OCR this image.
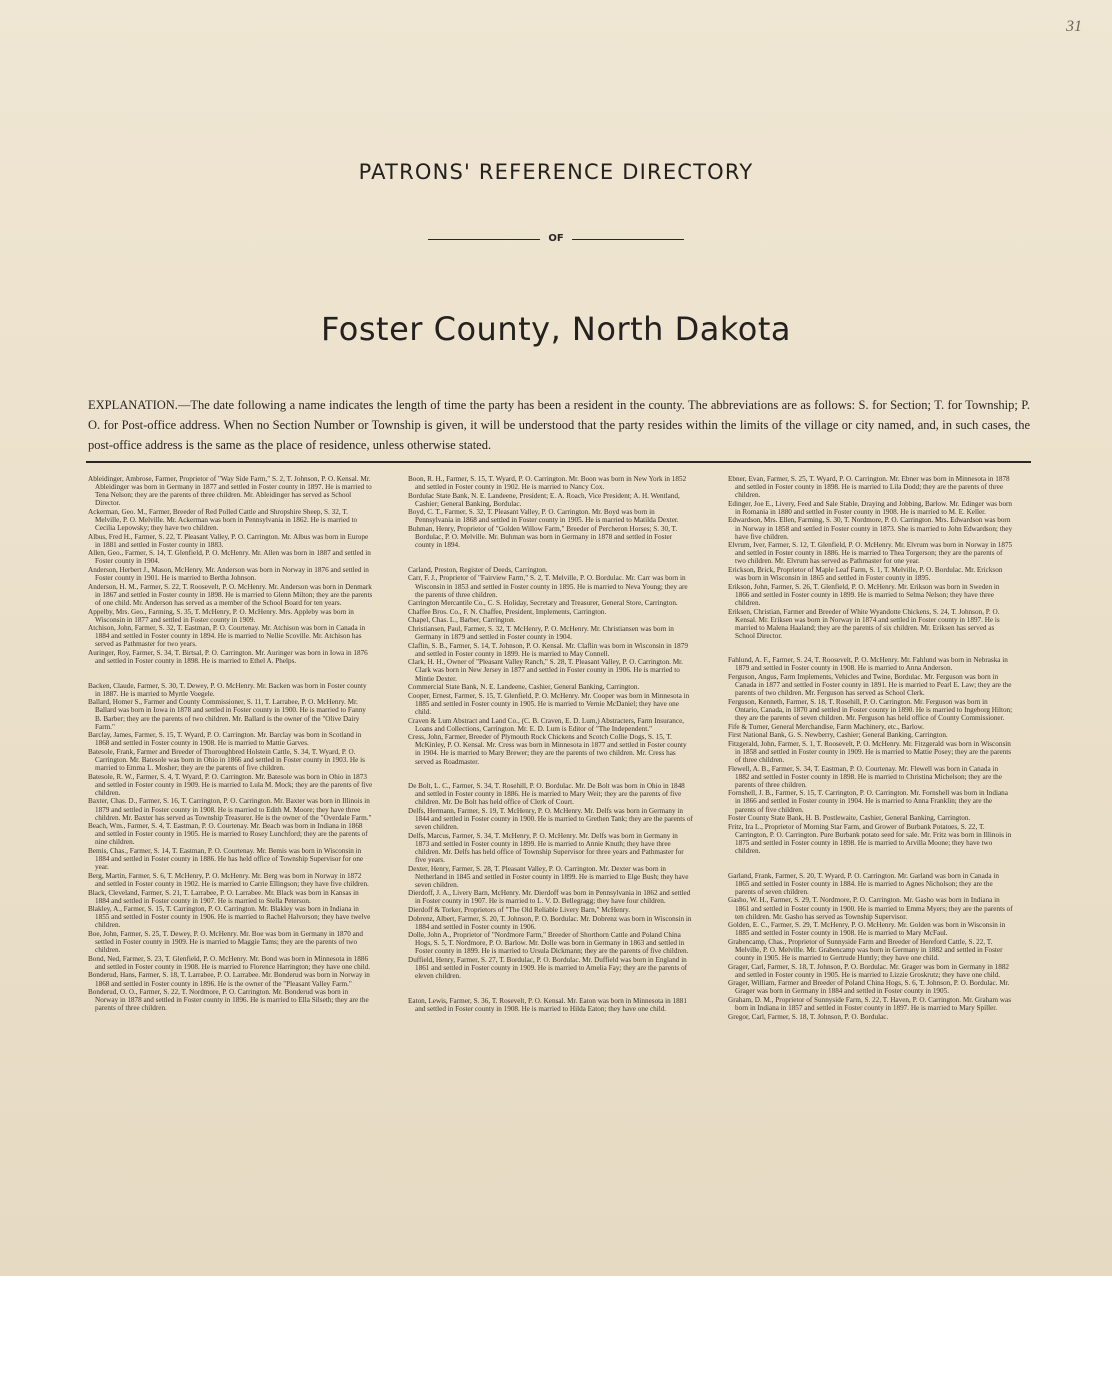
31
PATRONS' REFERENCE DIRECTORY
OF
Foster County, North Dakota
EXPLANATION.—The date following a name indicates the length of time the party has been a resident in the county. The abbreviations are as follows: S. for Section; T. for Township; P. O. for Post-office address. When no Section Number or Township is given, it will be understood that the party resides within the limits of the village or city named, and, in such cases, the post-office address is the same as the place of residence, unless otherwise stated.
Ableidinger, Ambrose, Farmer, Proprietor of "Way Side Farm," S. 2, T. Johnson, P. O. Kensal. Mr. Ableidinger was born in Germany in 1877 and settled in Foster county in 1897. He is married to Tena Nelson; they are the parents of three children. Mr. Ableidinger has served as School Director.
Ackerman, Geo. M., Farmer, Breeder of Red Polled Cattle and Shropshire Sheep, S. 32, T. Melville, P. O. Melville. Mr. Ackerman was born in Pennsylvania in 1862. He is married to Cecilia Lepowsky; they have two children.
Albus, Fred H., Farmer, S. 22, T. Pleasant Valley, P. O. Carrington. Mr. Albus was born in Europe in 1881 and settled in Foster county in 1883.
Allen, Geo., Farmer, S. 14, T. Glenfield, P. O. McHenry. Mr. Allen was born in 1887 and settled in Foster county in 1904.
Anderson, Herbert J., Mason, McHenry. Mr. Anderson was born in Norway in 1876 and settled in Foster county in 1901. He is married to Bertha Johnson.
Anderson, H. M., Farmer, S. 22, T. Roosevelt, P. O. McHenry. Mr. Anderson was born in Denmark in 1867 and settled in Foster county in 1898. He is married to Glenn Milton; they are the parents of one child. Mr. Anderson has served as a member of the School Board for ten years.
Appelby, Mrs. Geo., Farming, S. 35, T. McHenry, P. O. McHenry. Mrs. Appleby was born in Wisconsin in 1877 and settled in Foster county in 1909.
Atchison, John, Farmer, S. 32, T. Eastman, P. O. Courtenay. Mr. Atchison was born in Canada in 1884 and settled in Foster county in 1894. He is married to Nellie Scoville. Mr. Atchison has served as Pathmaster for two years.
Auringer, Roy, Farmer, S. 34, T. Birtsal, P. O. Carrington. Mr. Auringer was born in Iowa in 1876 and settled in Foster county in 1898. He is married to Ethel A. Phelps.
Backen, Claude, Farmer, S. 30, T. Dewey, P. O. McHenry. Mr. Backen was born in Foster county in 1887. He is married to Myrtle Voegele.
Ballard, Homer S., Farmer and County Commissioner, S. 11, T. Larrabee, P. O. McHenry. Mr. Ballard was born in Iowa in 1878 and settled in Foster county in 1900. He is married to Fanny B. Barber; they are the parents of two children. Mr. Ballard is the owner of the "Olive Dairy Farm."
Barclay, James, Farmer, S. 15, T. Wyard, P. O. Carrington. Mr. Barclay was born in Scotland in 1868 and settled in Foster county in 1908. He is married to Mattie Garves.
Batesole, Frank, Farmer and Breeder of Thoroughbred Holstein Cattle, S. 34, T. Wyard, P. O. Carrington. Mr. Batesole was born in Ohio in 1866 and settled in Foster county in 1903. He is married to Emma L. Mosher; they are the parents of five children.
Batesole, R. W., Farmer, S. 4, T. Wyard, P. O. Carrington. Mr. Batesole was born in Ohio in 1873 and settled in Foster county in 1909. He is married to Lula M. Mock; they are the parents of five children.
Baxter, Chas. D., Farmer, S. 16, T. Carrington, P. O. Carrington. Mr. Baxter was born in Illinois in 1879 and settled in Foster county in 1908. He is married to Edith M. Moore; they have three children. Mr. Baxter has served as Township Treasurer. He is the owner of the "Overdale Farm."
Beach, Wm., Farmer, S. 4, T. Eastman, P. O. Courtenay. Mr. Beach was born in Indiana in 1868 and settled in Foster county in 1905. He is married to Rosey Lunchford; they are the parents of nine children.
Bemis, Chas., Farmer, S. 14, T. Eastman, P. O. Courtenay. Mr. Bemis was born in Wisconsin in 1884 and settled in Foster county in 1886. He has held office of Township Supervisor for one year.
Berg, Martin, Farmer, S. 6, T. McHenry, P. O. McHenry. Mr. Berg was born in Norway in 1872 and settled in Foster county in 1902. He is married to Carrie Ellingson; they have five children.
Black, Cleveland, Farmer, S. 21, T. Larrabee, P. O. Larrabee. Mr. Black was born in Kansas in 1884 and settled in Foster county in 1907. He is married to Stella Peterson.
Blakley, A., Farmer, S. 15, T. Carrington, P. O. Carrington. Mr. Blakley was born in Indiana in 1855 and settled in Foster county in 1906. He is married to Rachel Halvorson; they have twelve children.
Boe, John, Farmer, S. 25, T. Dewey, P. O. McHenry. Mr. Boe was born in Germany in 1870 and settled in Foster county in 1909. He is married to Maggie Tams; they are the parents of two children.
Bond, Ned, Farmer, S. 23, T. Glenfield, P. O. McHenry. Mr. Bond was born in Minnesota in 1886 and settled in Foster county in 1908. He is married to Florence Harrington; they have one child.
Bonderud, Hans, Farmer, S. 18, T. Larrabee, P. O. Larrabee. Mr. Bonderud was born in Norway in 1868 and settled in Foster county in 1896. He is the owner of the "Pleasant Valley Farm."
Bonderud, O. O., Farmer, S. 22, T. Nordmore, P. O. Carrington. Mr. Bonderud was born in Norway in 1878 and settled in Foster county in 1896. He is married to Ella Silseth; they are the parents of three children.
Boon, R. H., Farmer, S. 15, T. Wyard, P. O. Carrington. Mr. Boon was born in New York in 1852 and settled in Foster county in 1902. He is married to Nancy Cox.
Bordulac State Bank, N. E. Landeene, President; E. A. Roach, Vice President; A. H. Wentland, Cashier; General Banking, Bordulac.
Boyd, C. T., Farmer, S. 32, T. Pleasant Valley, P. O. Carrington. Mr. Boyd was born in Pennsylvania in 1868 and settled in Foster county in 1905. He is married to Matilda Dexter.
Buhman, Henry, Proprietor of "Golden Willow Farm," Breeder of Percheron Horses; S. 30, T. Bordulac, P. O. Melville. Mr. Buhman was born in Germany in 1878 and settled in Foster county in 1894.
Carland, Preston, Register of Deeds, Carrington.
Carr, F. J., Proprietor of "Fairview Farm," S. 2, T. Melville, P. O. Bordulac. Mr. Carr was born in Wisconsin in 1853 and settled in Foster county in 1895. He is married to Neva Young; they are the parents of three children.
Carrington Mercantile Co., C. S. Holiday, Secretary and Treasurer, General Store, Carrington.
Chaffee Bros. Co., F. N. Chaffee, President, Implements, Carrington.
Chapel, Chas. L., Barber, Carrington.
Christiansen, Paul, Farmer, S. 32, T. McHenry, P. O. McHenry. Mr. Christiansen was born in Germany in 1879 and settled in Foster county in 1904.
Claflin, S. B., Farmer, S. 14, T. Johnson, P. O. Kensal. Mr. Claflin was born in Wisconsin in 1879 and settled in Foster county in 1899. He is married to May Connell.
Clark, H. H., Owner of "Pleasant Valley Ranch," S. 28, T. Pleasant Valley, P. O. Carrington. Mr. Clark was born in New Jersey in 1877 and settled in Foster county in 1906. He is married to Mintie Dexter.
Commercial State Bank, N. E. Landeene, Cashier, General Banking, Carrington.
Cooper, Ernest, Farmer, S. 15, T. Glenfield, P. O. McHenry. Mr. Cooper was born in Minnesota in 1885 and settled in Foster county in 1905. He is married to Vernie McDaniel; they have one child.
Craven & Lum Abstract and Land Co., (C. B. Craven, E. D. Lum,) Abstracters, Farm Insurance, Loans and Collections, Carrington. Mr. E. D. Lum is Editor of "The Independent."
Cress, John, Farmer, Breeder of Plymouth Rock Chickens and Scotch Collie Dogs, S. 15, T. McKinley, P. O. Kensal. Mr. Cress was born in Minnesota in 1877 and settled in Foster county in 1904. He is married to Mary Brewer; they are the parents of two children. Mr. Cress has served as Roadmaster.
De Bolt, L. C., Farmer, S. 34, T. Rosehill, P. O. Bordulac. Mr. De Bolt was born in Ohio in 1848 and settled in Foster county in 1886. He is married to Mary Weit; they are the parents of five children. Mr. De Bolt has held office of Clerk of Court.
Delfs, Hermann, Farmer, S. 19, T. McHenry, P. O. McHenry. Mr. Delfs was born in Germany in 1844 and settled in Foster county in 1900. He is married to Grethen Tank; they are the parents of seven children.
Delfs, Marcus, Farmer, S. 34, T. McHenry, P. O. McHenry. Mr. Delfs was born in Germany in 1873 and settled in Foster county in 1899. He is married to Annie Knuth; they have three children. Mr. Delfs has held office of Township Supervisor for three years and Pathmaster for five years.
Dexter, Henry, Farmer, S. 28, T. Pleasant Valley, P. O. Carrington. Mr. Dexter was born in Netherland in 1845 and settled in Foster county in 1899. He is married to Elge Bush; they have seven children.
Dierdoff, J. A., Livery Barn, McHenry. Mr. Dierdoff was born in Pennsylvania in 1862 and settled in Foster county in 1907. He is married to L. V. D. Bellegragg; they have four children.
Dierdoff & Torker, Proprietors of "The Old Reliable Livery Barn," McHenry.
Dobrenz, Albert, Farmer, S. 20, T. Johnson, P. O. Bordulac. Mr. Dobrenz was born in Wisconsin in 1884 and settled in Foster county in 1906.
Dolle, John A., Proprietor of "Nordmore Farm," Breeder of Shorthorn Cattle and Poland China Hogs, S. 5, T. Nordmore, P. O. Barlow. Mr. Dolle was born in Germany in 1863 and settled in Foster county in 1899. He is married to Ursula Dickmann; they are the parents of five children.
Duffield, Henry, Farmer, S. 27, T. Bordulac, P. O. Bordulac. Mr. Duffield was born in England in 1861 and settled in Foster county in 1909. He is married to Amelia Fay; they are the parents of eleven children.
Eaton, Lewis, Farmer, S. 36, T. Rosevelt, P. O. Kensal. Mr. Eaton was born in Minnesota in 1881 and settled in Foster county in 1908. He is married to Hilda Eaton; they have one child.
Ebner, Evan, Farmer, S. 25, T. Wyard, P. O. Carrington. Mr. Ebner was born in Minnesota in 1878 and settled in Foster county in 1898. He is married to Lila Dodd; they are the parents of three children.
Edinger, Joe E., Livery, Feed and Sale Stable, Draying and Jobbing, Barlow. Mr. Edinger was born in Romania in 1880 and settled in Foster county in 1908. He is married to M. E. Keller.
Edwardson, Mrs. Ellen, Farming, S. 30, T. Nordmore, P. O. Carrington. Mrs. Edwardson was born in Norway in 1858 and settled in Foster county in 1873. She is married to John Edwardson; they have five children.
Elvrum, Iver, Farmer, S. 12, T. Glenfield, P. O. McHenry. Mr. Elvrum was born in Norway in 1875 and settled in Foster county in 1886. He is married to Thea Torgerson; they are the parents of two children. Mr. Elvrum has served as Pathmaster for one year.
Erickson, Brick, Proprietor of Maple Leaf Farm, S. 1, T. Melville, P. O. Bordulac. Mr. Erickson was born in Wisconsin in 1865 and settled in Foster county in 1895.
Erikson, John, Farmer, S. 26, T. Glenfield, P. O. McHenry. Mr. Erikson was born in Sweden in 1866 and settled in Foster county in 1899. He is married to Selma Nelson; they have three children.
Eriksen, Christian, Farmer and Breeder of White Wyandotte Chickens, S. 24, T. Johnson, P. O. Kensal. Mr. Eriksen was born in Norway in 1874 and settled in Foster county in 1897. He is married to Malena Haaland; they are the parents of six children. Mr. Eriksen has served as School Director.
Fahlund, A. F., Farmer, S. 24, T. Roosevelt, P. O. McHenry. Mr. Fahlund was born in Nebraska in 1879 and settled in Foster county in 1908. He is married to Anna Anderson.
Ferguson, Angus, Farm Implements, Vehicles and Twine, Bordulac. Mr. Ferguson was born in Canada in 1877 and settled in Foster county in 1891. He is married to Pearl E. Law; they are the parents of two children. Mr. Ferguson has served as School Clerk.
Ferguson, Kenneth, Farmer, S. 18, T. Rosehill, P. O. Carrington. Mr. Ferguson was born in Ontario, Canada, in 1870 and settled in Foster county in 1890. He is married to Ingeborg Hilton; they are the parents of seven children. Mr. Ferguson has held office of County Commissioner.
Fife & Turner, General Merchandise, Farm Machinery, etc., Barlow.
First National Bank, G. S. Newberry, Cashier; General Banking, Carrington.
Fitzgerald, John, Farmer, S. 1, T. Roosevelt, P. O. McHenry. Mr. Fitzgerald was born in Wisconsin in 1858 and settled in Foster county in 1909. He is married to Mattie Posey; they are the parents of three children.
Flewell, A. B., Farmer, S. 34, T. Eastman, P. O. Courtenay. Mr. Flewell was born in Canada in 1882 and settled in Foster county in 1898. He is married to Christina Michelson; they are the parents of three children.
Fornshell, J. B., Farmer, S. 15, T. Carrington, P. O. Carrington. Mr. Fornshell was born in Indiana in 1866 and settled in Foster county in 1904. He is married to Anna Franklin; they are the parents of five children.
Foster County State Bank, H. B. Postlewaite, Cashier, General Banking, Carrington.
Fritz, Ira L., Proprietor of Morning Star Farm, and Grower of Burbank Potatoes, S. 22, T. Carrington, P. O. Carrington. Pure Burbank potato seed for sale. Mr. Fritz was born in Illinois in 1875 and settled in Foster county in 1898. He is married to Arvilla Moone; they have two children.
Garland, Frank, Farmer, S. 20, T. Wyard, P. O. Carrington. Mr. Garland was born in Canada in 1865 and settled in Foster county in 1884. He is married to Agnes Nicholson; they are the parents of seven children.
Gasho, W. H., Farmer, S. 29, T. Nordmore, P. O. Carrington. Mr. Gasho was born in Indiana in 1861 and settled in Foster county in 1900. He is married to Emma Myers; they are the parents of ten children. Mr. Gasho has served as Township Supervisor.
Golden, E. C., Farmer, S. 29, T. McHenry, P. O. McHenry. Mr. Golden was born in Wisconsin in 1885 and settled in Foster county in 1908. He is married to Mary McFaul.
Grabencamp, Chas., Proprietor of Sunnyside Farm and Breeder of Hereford Cattle, S. 22, T. Melville, P. O. Melville. Mr. Grabencamp was born in Germany in 1882 and settled in Foster county in 1905. He is married to Gertrude Huntly; they have one child.
Grager, Carl, Farmer, S. 18, T. Johnson, P. O. Bordulac. Mr. Grager was born in Germany in 1882 and settled in Foster county in 1905. He is married to Lizzie Groskrutz; they have one child.
Grager, William, Farmer and Breeder of Poland China Hogs, S. 6, T. Johnson, P. O. Bordulac. Mr. Grager was born in Germany in 1884 and settled in Foster county in 1905.
Graham, D. M., Proprietor of Sunnyside Farm, S. 22, T. Haven, P. O. Carrington. Mr. Graham was born in Indiana in 1857 and settled in Foster county in 1897. He is married to Mary Spiller.
Gregor, Carl, Farmer, S. 18, T. Johnson, P. O. Bordulac.
